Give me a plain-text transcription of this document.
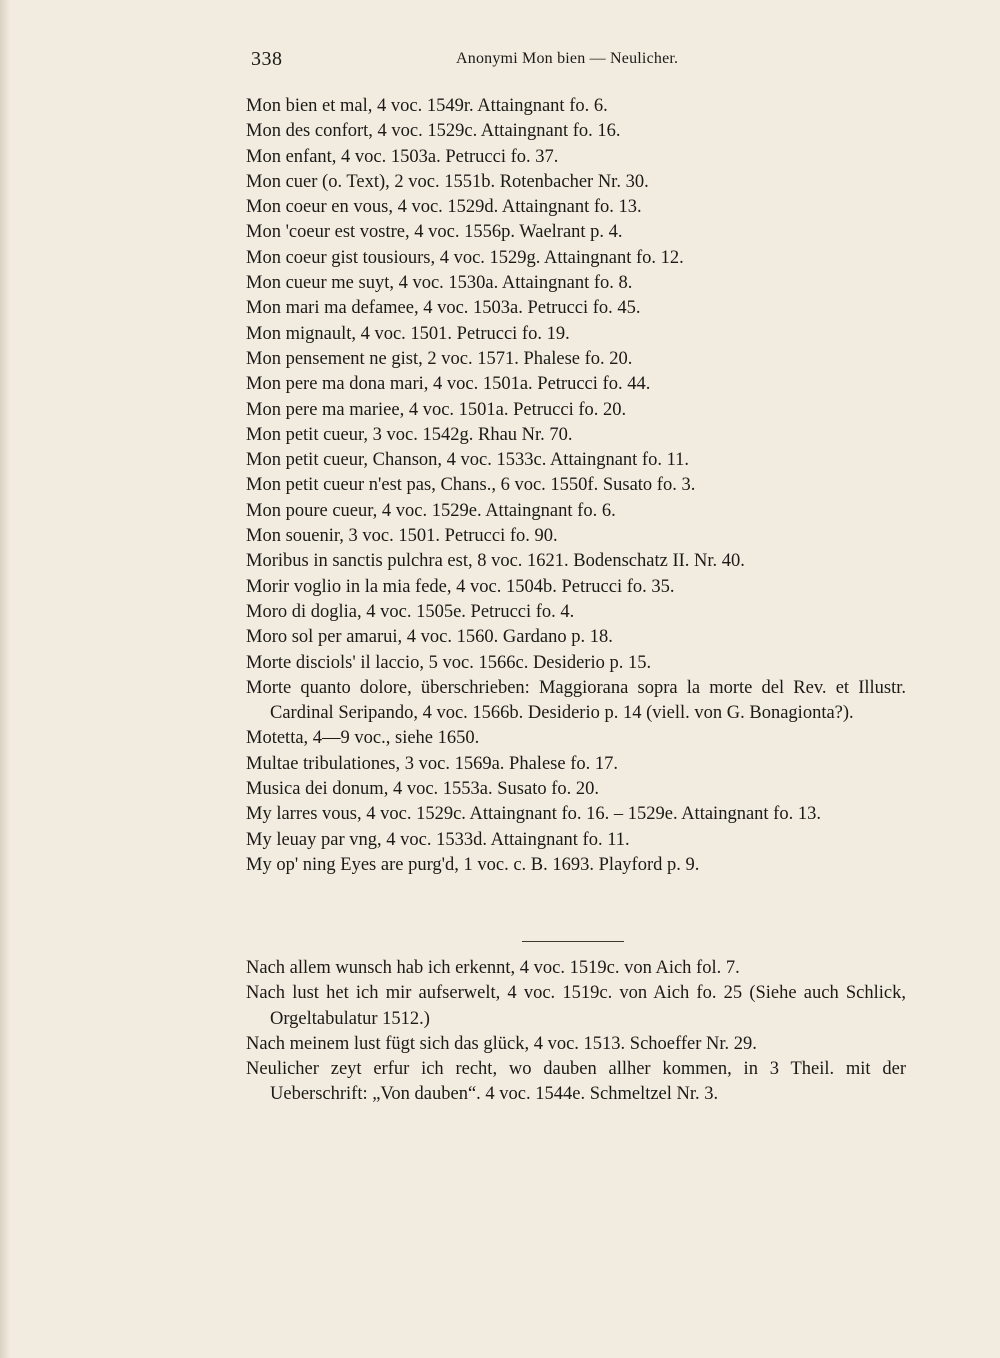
338	Anonymi Mon bien — Neulicher.
Mon bien et mal, 4 voc. 1549r. Attaingnant fo. 6.
Mon des confort, 4 voc. 1529c. Attaingnant fo. 16.
Mon enfant, 4 voc. 1503a. Petrucci fo. 37.
Mon cuer (o. Text), 2 voc. 1551b. Rotenbacher Nr. 30.
Mon coeur en vous, 4 voc. 1529d. Attaingnant fo. 13.
Mon 'coeur est vostre, 4 voc. 1556p. Waelrant p. 4.
Mon coeur gist tousiours, 4 voc. 1529g. Attaingnant fo. 12.
Mon cueur me suyt, 4 voc. 1530a. Attaingnant fo. 8.
Mon mari ma defamee, 4 voc. 1503a. Petrucci fo. 45.
Mon mignault, 4 voc. 1501. Petrucci fo. 19.
Mon pensement ne gist, 2 voc. 1571. Phalese fo. 20.
Mon pere ma dona mari, 4 voc. 1501a. Petrucci fo. 44.
Mon pere ma mariee, 4 voc. 1501a. Petrucci fo. 20.
Mon petit cueur, 3 voc. 1542g. Rhau Nr. 70.
Mon petit cueur, Chanson, 4 voc. 1533c. Attaingnant fo. 11.
Mon petit cueur n'est pas, Chans., 6 voc. 1550f. Susato fo. 3.
Mon poure cueur, 4 voc. 1529e. Attaingnant fo. 6.
Mon souenir, 3 voc. 1501. Petrucci fo. 90.
Moribus in sanctis pulchra est, 8 voc. 1621. Bodenschatz II. Nr. 40.
Morir voglio in la mia fede, 4 voc. 1504b. Petrucci fo. 35.
Moro di doglia, 4 voc. 1505e. Petrucci fo. 4.
Moro sol per amarui, 4 voc. 1560. Gardano p. 18.
Morte disciols' il laccio, 5 voc. 1566c. Desiderio p. 15.
Morte quanto dolore, überschrieben: Maggiorana sopra la morte del Rev. et Illustr. Cardinal Seripando, 4 voc. 1566b. Desiderio p. 14 (viell. von G. Bonagionta?).
Motetta, 4—9 voc., siehe 1650.
Multae tribulationes, 3 voc. 1569a. Phalese fo. 17.
Musica dei donum, 4 voc. 1553a. Susato fo. 20.
My larres vous, 4 voc. 1529c. Attaingnant fo. 16. – 1529e. Attaingnant fo. 13.
My leuay par vng, 4 voc. 1533d. Attaingnant fo. 11.
My op' ning Eyes are purg'd, 1 voc. c. B. 1693. Playford p. 9.
Nach allem wunsch hab ich erkennt, 4 voc. 1519c. von Aich fol. 7.
Nach lust het ich mir aufserwelt, 4 voc. 1519c. von Aich fo. 25 (Siehe auch Schlick, Orgeltabulatur 1512.)
Nach meinem lust fügt sich das glück, 4 voc. 1513. Schoeffer Nr. 29.
Neulicher zeyt erfur ich recht, wo dauben allher kommen, in 3 Theil. mit der Ueberschrift: „Von dauben“. 4 voc. 1544e. Schmeltzel Nr. 3.
